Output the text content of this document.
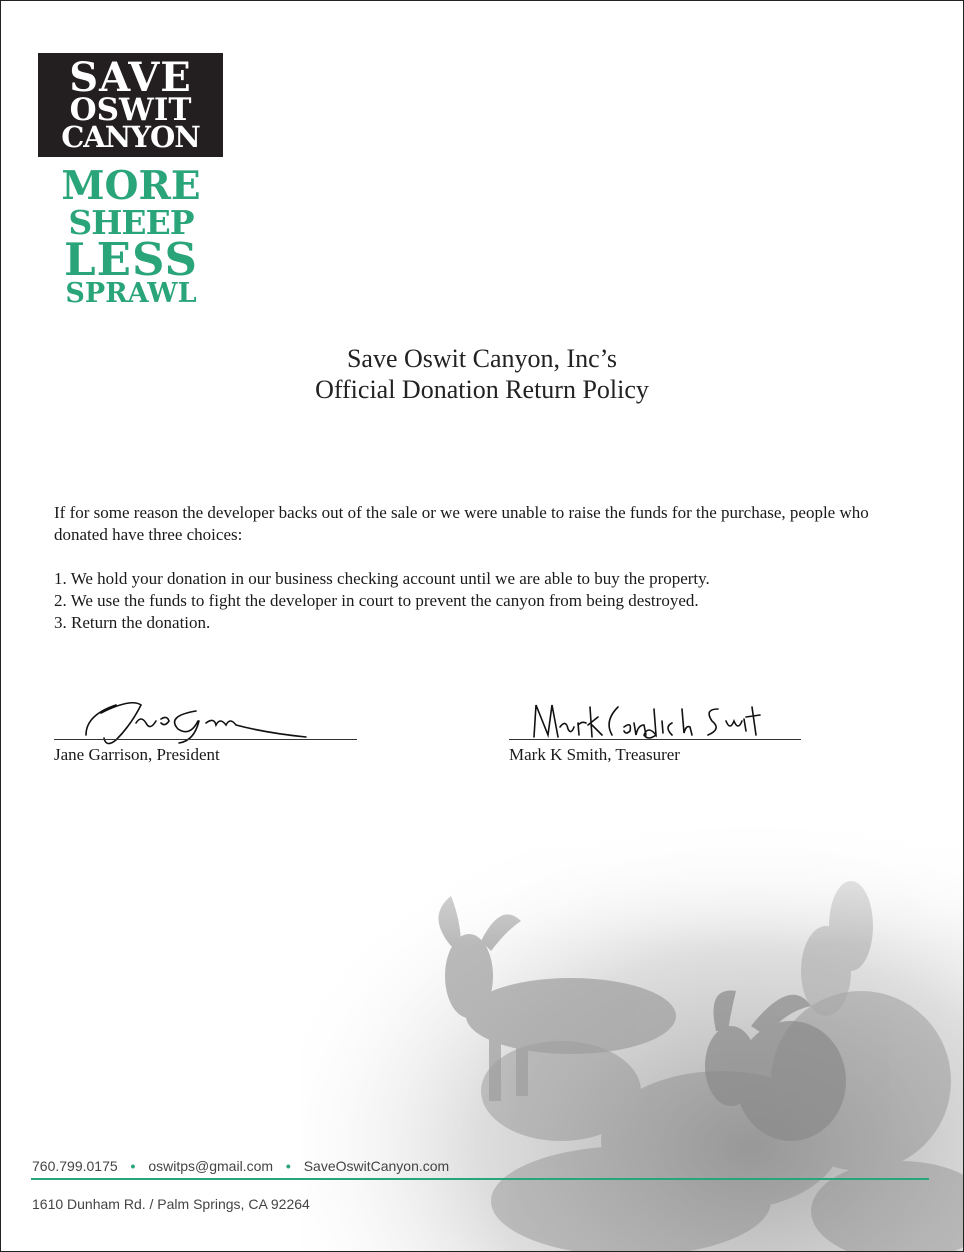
SAVE
OSWIT
CANYON
MORE
SHEEP
LESS
SPRAWL
Save Oswit Canyon, Inc’s
Official Donation Return Policy
If for some reason the developer backs out of the sale or we were unable to raise the funds for the purchase, people who donated have three choices:
1. We hold your donation in our business checking account until we are able to buy the property.
2. We use the funds to fight the developer in court to prevent the canyon from being destroyed.
3. Return the donation.
Jane Garrison, President	Mark K Smith, Treasurer
760.799.0175 • oswitps@gmail.com • SaveOswitCanyon.com
1610 Dunham Rd. / Palm Springs, CA 92264
